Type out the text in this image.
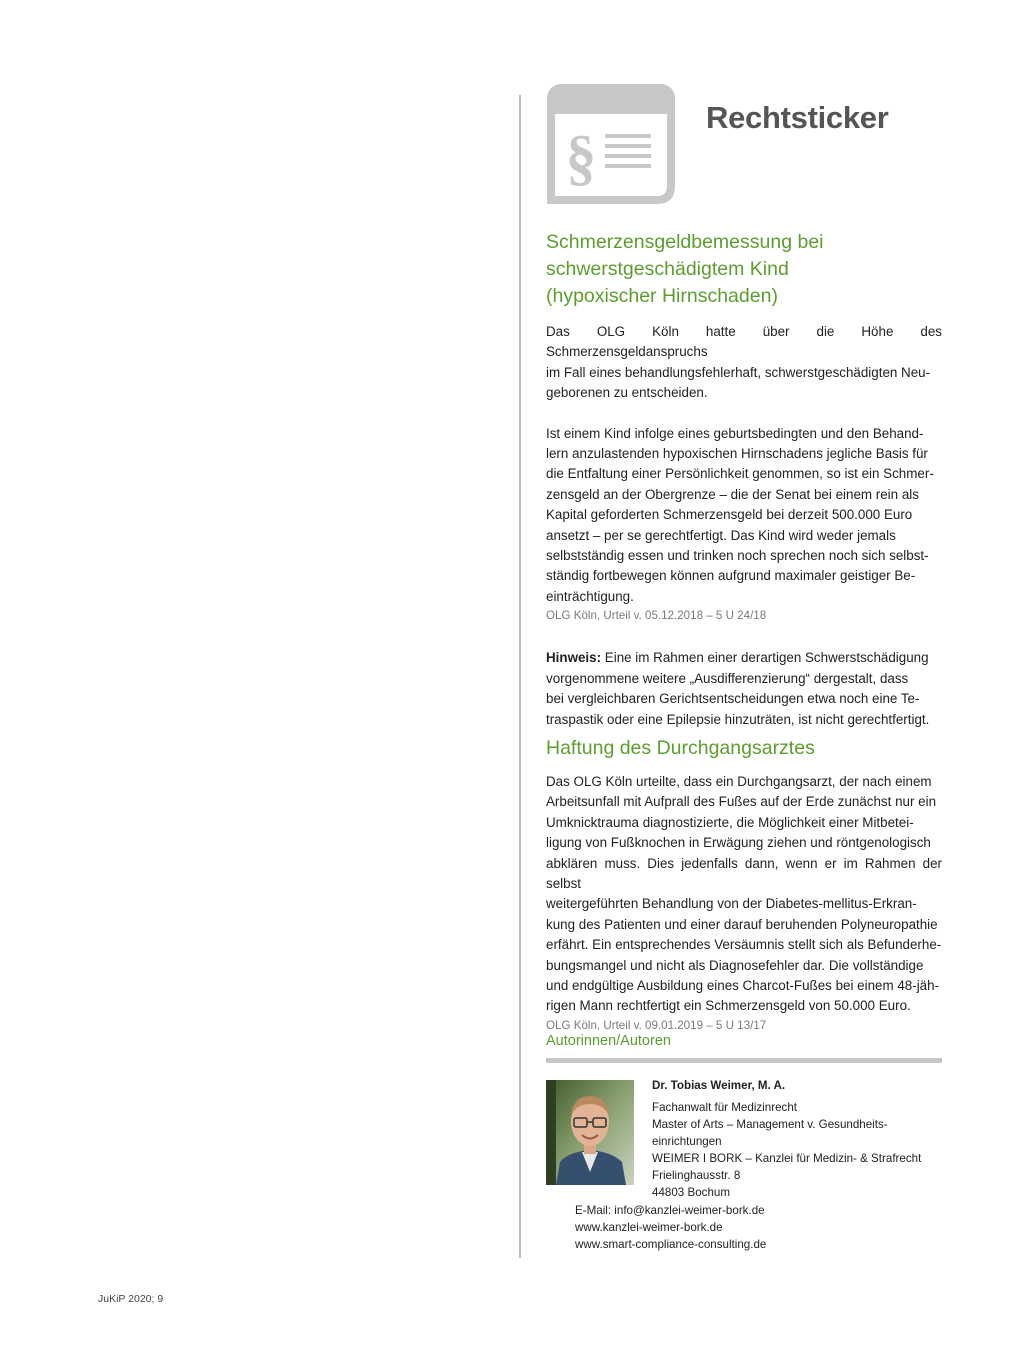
§
Rechtsticker
Schmerzensgeldbemessung bei
schwerstgeschädigtem Kind
(hypoxischer Hirnschaden)
Das OLG Köln hatte über die Höhe des Schmerzensgeldanspruchs
im Fall eines behandlungsfehlerhaft, schwerstgeschädigten Neu-
geborenen zu entscheiden.
Ist einem Kind infolge eines geburtsbedingten und den Behand-
lern anzulastenden hypoxischen Hirnschadens jegliche Basis für
die Entfaltung einer Persönlichkeit genommen, so ist ein Schmer-
zensgeld an der Obergrenze – die der Senat bei einem rein als
Kapital geforderten Schmerzensgeld bei derzeit 500.000 Euro
ansetzt – per se gerechtfertigt. Das Kind wird weder jemals
selbstständig essen und trinken noch sprechen noch sich selbst-
ständig fortbewegen können aufgrund maximaler geistiger Be-
einträchtigung.
OLG Köln, Urteil v. 05.12.2018 – 5 U 24/18
Hinweis: Eine im Rahmen einer derartigen Schwerstschädigung
vorgenommene weitere „Ausdifferenzierung“ dergestalt, dass
bei vergleichbaren Gerichtsentscheidungen etwa noch eine Te-
traspastik oder eine Epilepsie hinzuträten, ist nicht gerechtfertigt.
Haftung des Durchgangsarztes
Das OLG Köln urteilte, dass ein Durchgangsarzt, der nach einem
Arbeitsunfall mit Aufprall des Fußes auf der Erde zunächst nur ein
Umknicktrauma diagnostizierte, die Möglichkeit einer Mitbetei-
ligung von Fußknochen in Erwägung ziehen und röntgenologisch
abklären muss. Dies jedenfalls dann, wenn er im Rahmen der selbst
weitergeführten Behandlung von der Diabetes-mellitus-Erkran-
kung des Patienten und einer darauf beruhenden Polyneuropathie
erfährt. Ein entsprechendes Versäumnis stellt sich als Befunderhe-
bungsmangel und nicht als Diagnosefehler dar. Die vollständige
und endgültige Ausbildung eines Charcot-Fußes bei einem 48-jäh-
rigen Mann rechtfertigt ein Schmerzensgeld von 50.000 Euro.
OLG Köln, Urteil v. 09.01.2019 – 5 U 13/17
Autorinnen/Autoren
Dr. Tobias Weimer, M. A.
Fachanwalt für Medizinrecht
Master of Arts – Management v. Gesundheits-
einrichtungen
WEIMER I BORK – Kanzlei für Medizin- & Strafrecht
Frielinghausstr. 8
44803 Bochum
E-Mail: info@kanzlei-weimer-bork.de
www.kanzlei-weimer-bork.de
www.smart-compliance-consulting.de
JuKiP 2020; 9
